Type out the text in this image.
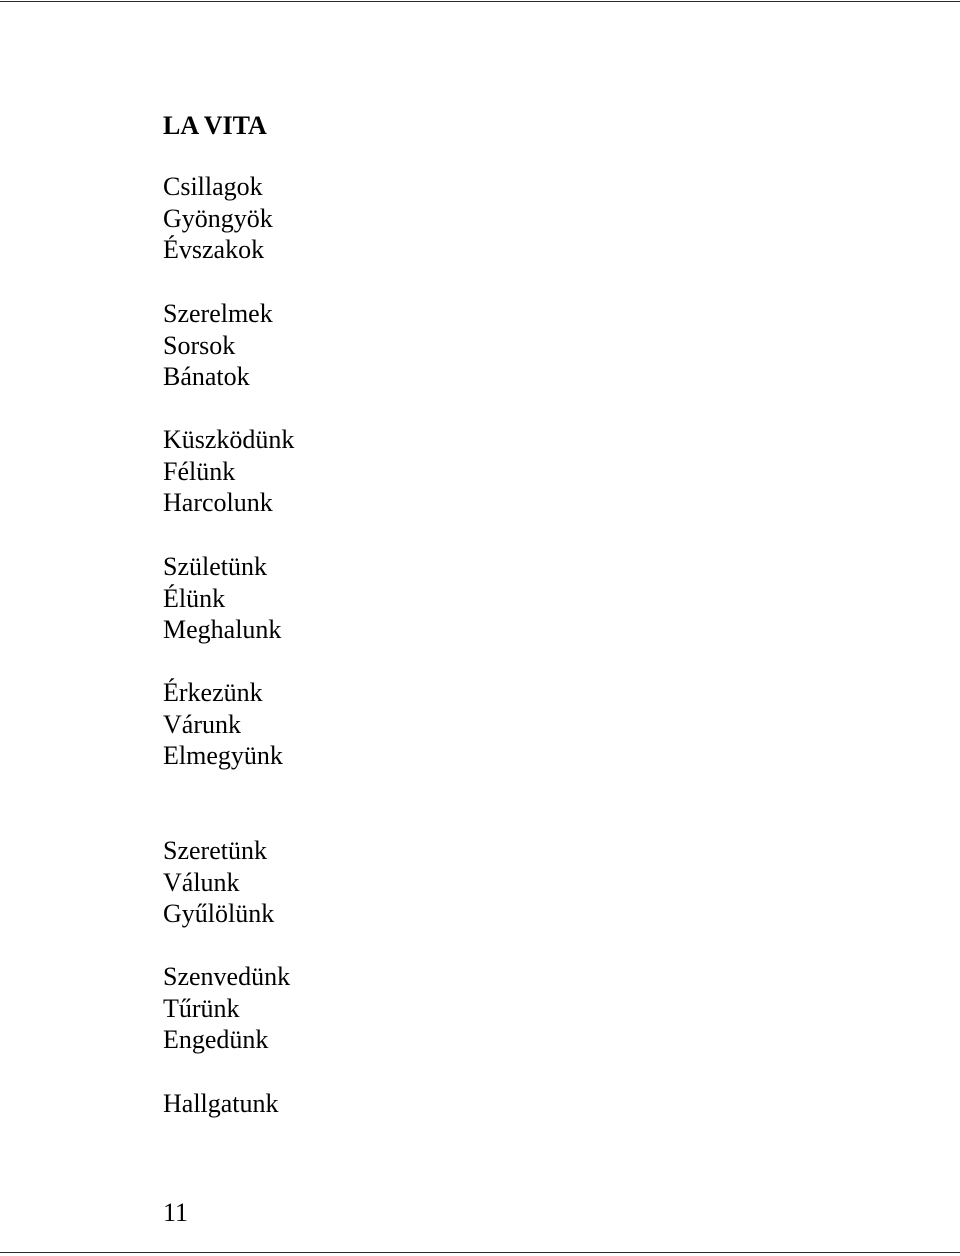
LA VITA
Csillagok
Gyöngyök
Évszakok
Szerelmek
Sorsok
Bánatok
Küszködünk
Félünk
Harcolunk
Születünk
Élünk
Meghalunk
Érkezünk
Várunk
Elmegyünk
Szeretünk
Válunk
Gyűlölünk
Szenvedünk
Tűrünk
Engedünk
Hallgatunk
11
